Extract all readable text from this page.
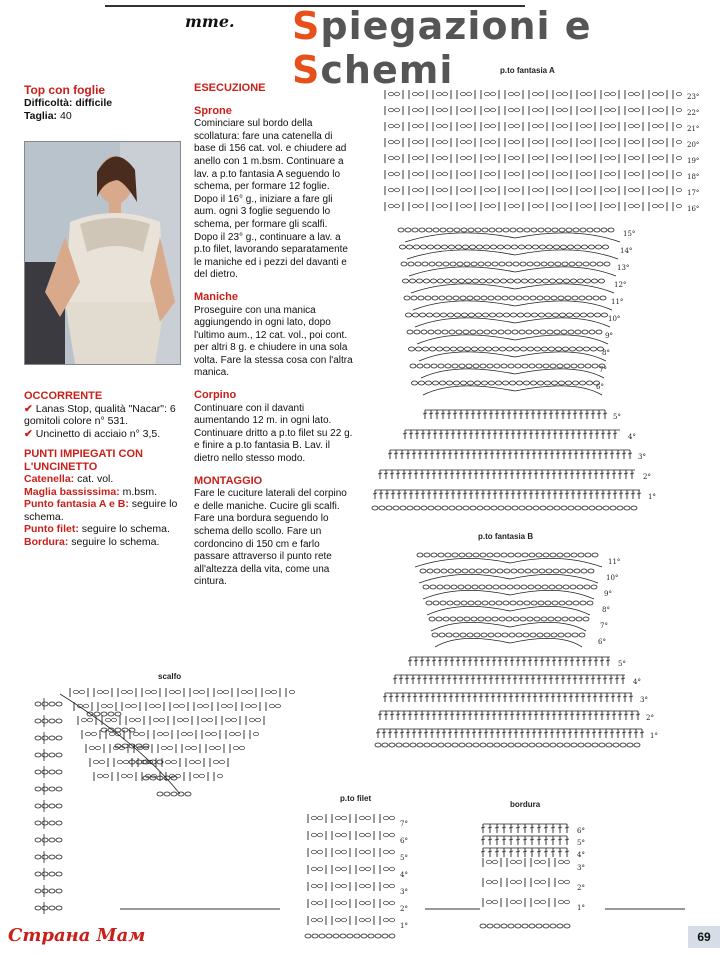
mme. Spiegazioni e Schemi
Top con foglie
Difficoltà: difficile
Taglia: 40
OCCORRENTE
✔ Lanas Stop, qualità "Nacar": 6 gomitoli colore n° 531.
✔ Uncinetto di acciaio n° 3,5.
PUNTI IMPIEGATI CON L'UNCINETTO
Catenella: cat. vol.
Maglia bassissima: m.bsm.
Punto fantasia A e B: seguire lo schema.
Punto filet: seguire lo schema.
Bordura: seguire lo schema.
ESECUZIONE

Sprone
Cominciare sul bordo della scollatura: fare una catenella di base di 156 cat. vol. e chiudere ad anello con 1 m.bsm. Continuare a lav. a p.to fantasia A seguendo lo schema, per formare 12 foglie. Dopo il 16° g., iniziare a fare gli aum. ogni 3 foglie seguendo lo schema, per formare gli scalfi. Dopo il 23° g., continuare a lav. a p.to filet, lavorando separatamente le maniche ed i pezzi del davanti e del dietro.

Maniche
Proseguire con una manica aggiungendo in ogni lato, dopo l'ultimo aum., 12 cat. vol., poi cont. per altri 8 g. e chiudere in una sola volta. Fare la stessa cosa con l'altra manica.

Corpino
Continuare con il davanti aumentando 12 m. in ogni lato. Continuare dritto a p.to filet su 22 g. e finire a p.to fantasia B. Lav. il dietro nello stesso modo.

MONTAGGIO
Fare le cuciture laterali del corpino e delle maniche. Cucire gli scalfi. Fare una bordura seguendo lo schema dello scollo. Fare un cordoncino di 150 cm e farlo passare attraverso il punto rete all'altezza della vita, come una cintura.

p.to fantasia A
p.to fantasia B
scalfo
p.to filet
bordura
23°
22°
21°
20°
19°
18°
17°
16°
15°
14°
13°
12°
11°
10°
9°
8°
7°
6°
5°
4°
3°
2°
1°
11°
10°
9°
8°
7°
6°
5°
4°
3°
2°
1°
7°
6°
5°
4°
3°
2°
1°
3°
2°
1°
6°
5°
4°
Страна Мам	69
